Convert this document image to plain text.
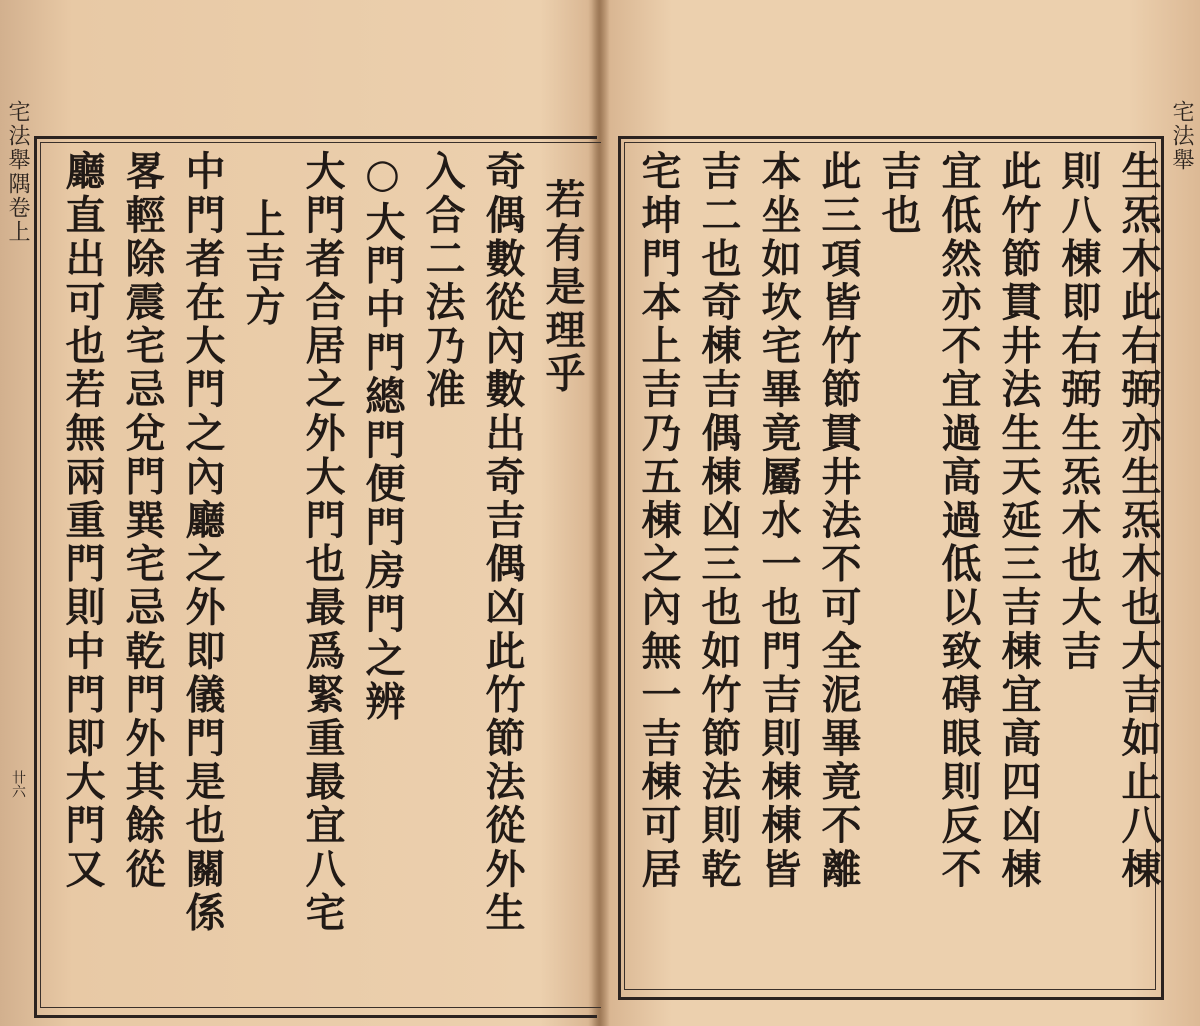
宅法舉隅卷上
卄六
若有是理乎
奇偶數從內數出奇吉偶凶此竹節法從外生
入合二法乃准
○大門中門總門便門房門之辨
大門者合居之外大門也最爲緊重最宜八宅
上吉方
中門者在大門之內廳之外即儀門是也關係
畧輕除震宅忌兌門巽宅忌乾門外其餘從
廳直出可也若無兩重門則中門即大門又
宅法舉
生炁木此右弼亦生炁木也大吉如止八棟
則八棟即右弼生炁木也大吉
此竹節貫井法生天延三吉棟宜高四凶棟
宜低然亦不宜過高過低以致碍眼則反不
吉也
此三項皆竹節貫井法不可全泥畢竟不離
本坐如坎宅畢竟屬水一也門吉則棟棟皆
吉二也奇棟吉偶棟凶三也如竹節法則乾
宅坤門本上吉乃五棟之內無一吉棟可居
